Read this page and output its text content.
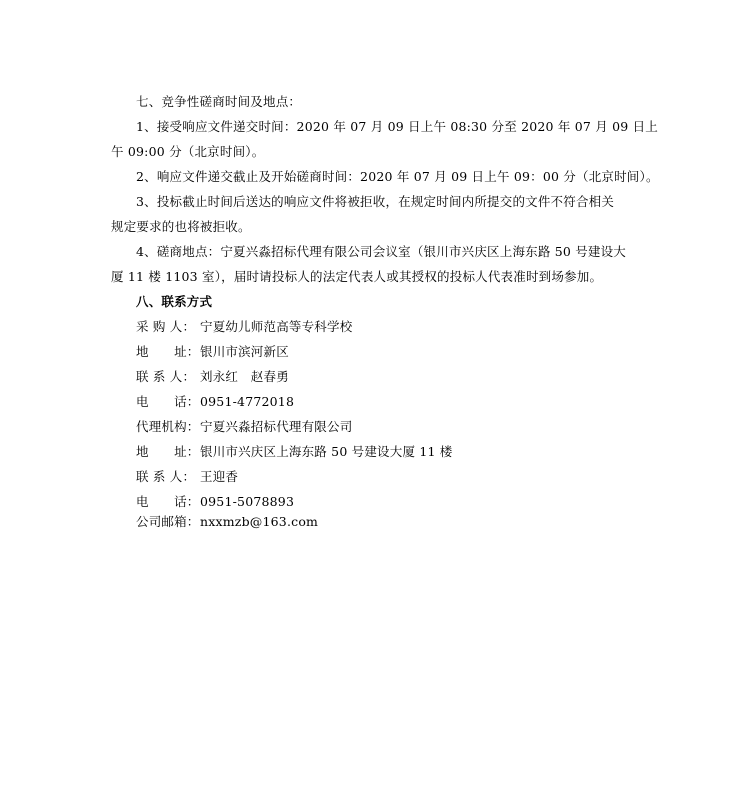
七、竞争性磋商时间及地点：
1、接受响应文件递交时间：2020 年 07 月 09 日上午 08:30 分至 2020 年 07 月 09 日上
午 09:00 分（北京时间）。
2、响应文件递交截止及开始磋商时间：2020 年 07 月 09 日上午 09：00 分（北京时间）。
3、投标截止时间后送达的响应文件将被拒收，在规定时间内所提交的文件不符合相关
规定要求的也将被拒收。
4、磋商地点：宁夏兴淼招标代理有限公司会议室（银川市兴庆区上海东路 50 号建设大
厦 11 楼 1103 室），届时请投标人的法定代表人或其授权的投标人代表准时到场参加。
八、联系方式
采 购 人： 宁夏幼儿师范高等专科学校
地　　址：银川市滨河新区
联 系 人： 刘永红　赵春勇
电　　话：0951-4772018
代理机构：宁夏兴淼招标代理有限公司
地　　址：银川市兴庆区上海东路 50 号建设大厦 11 楼
联 系 人： 王迎香
电　　话：0951-5078893
公司邮箱：nxxmzb@163.com
